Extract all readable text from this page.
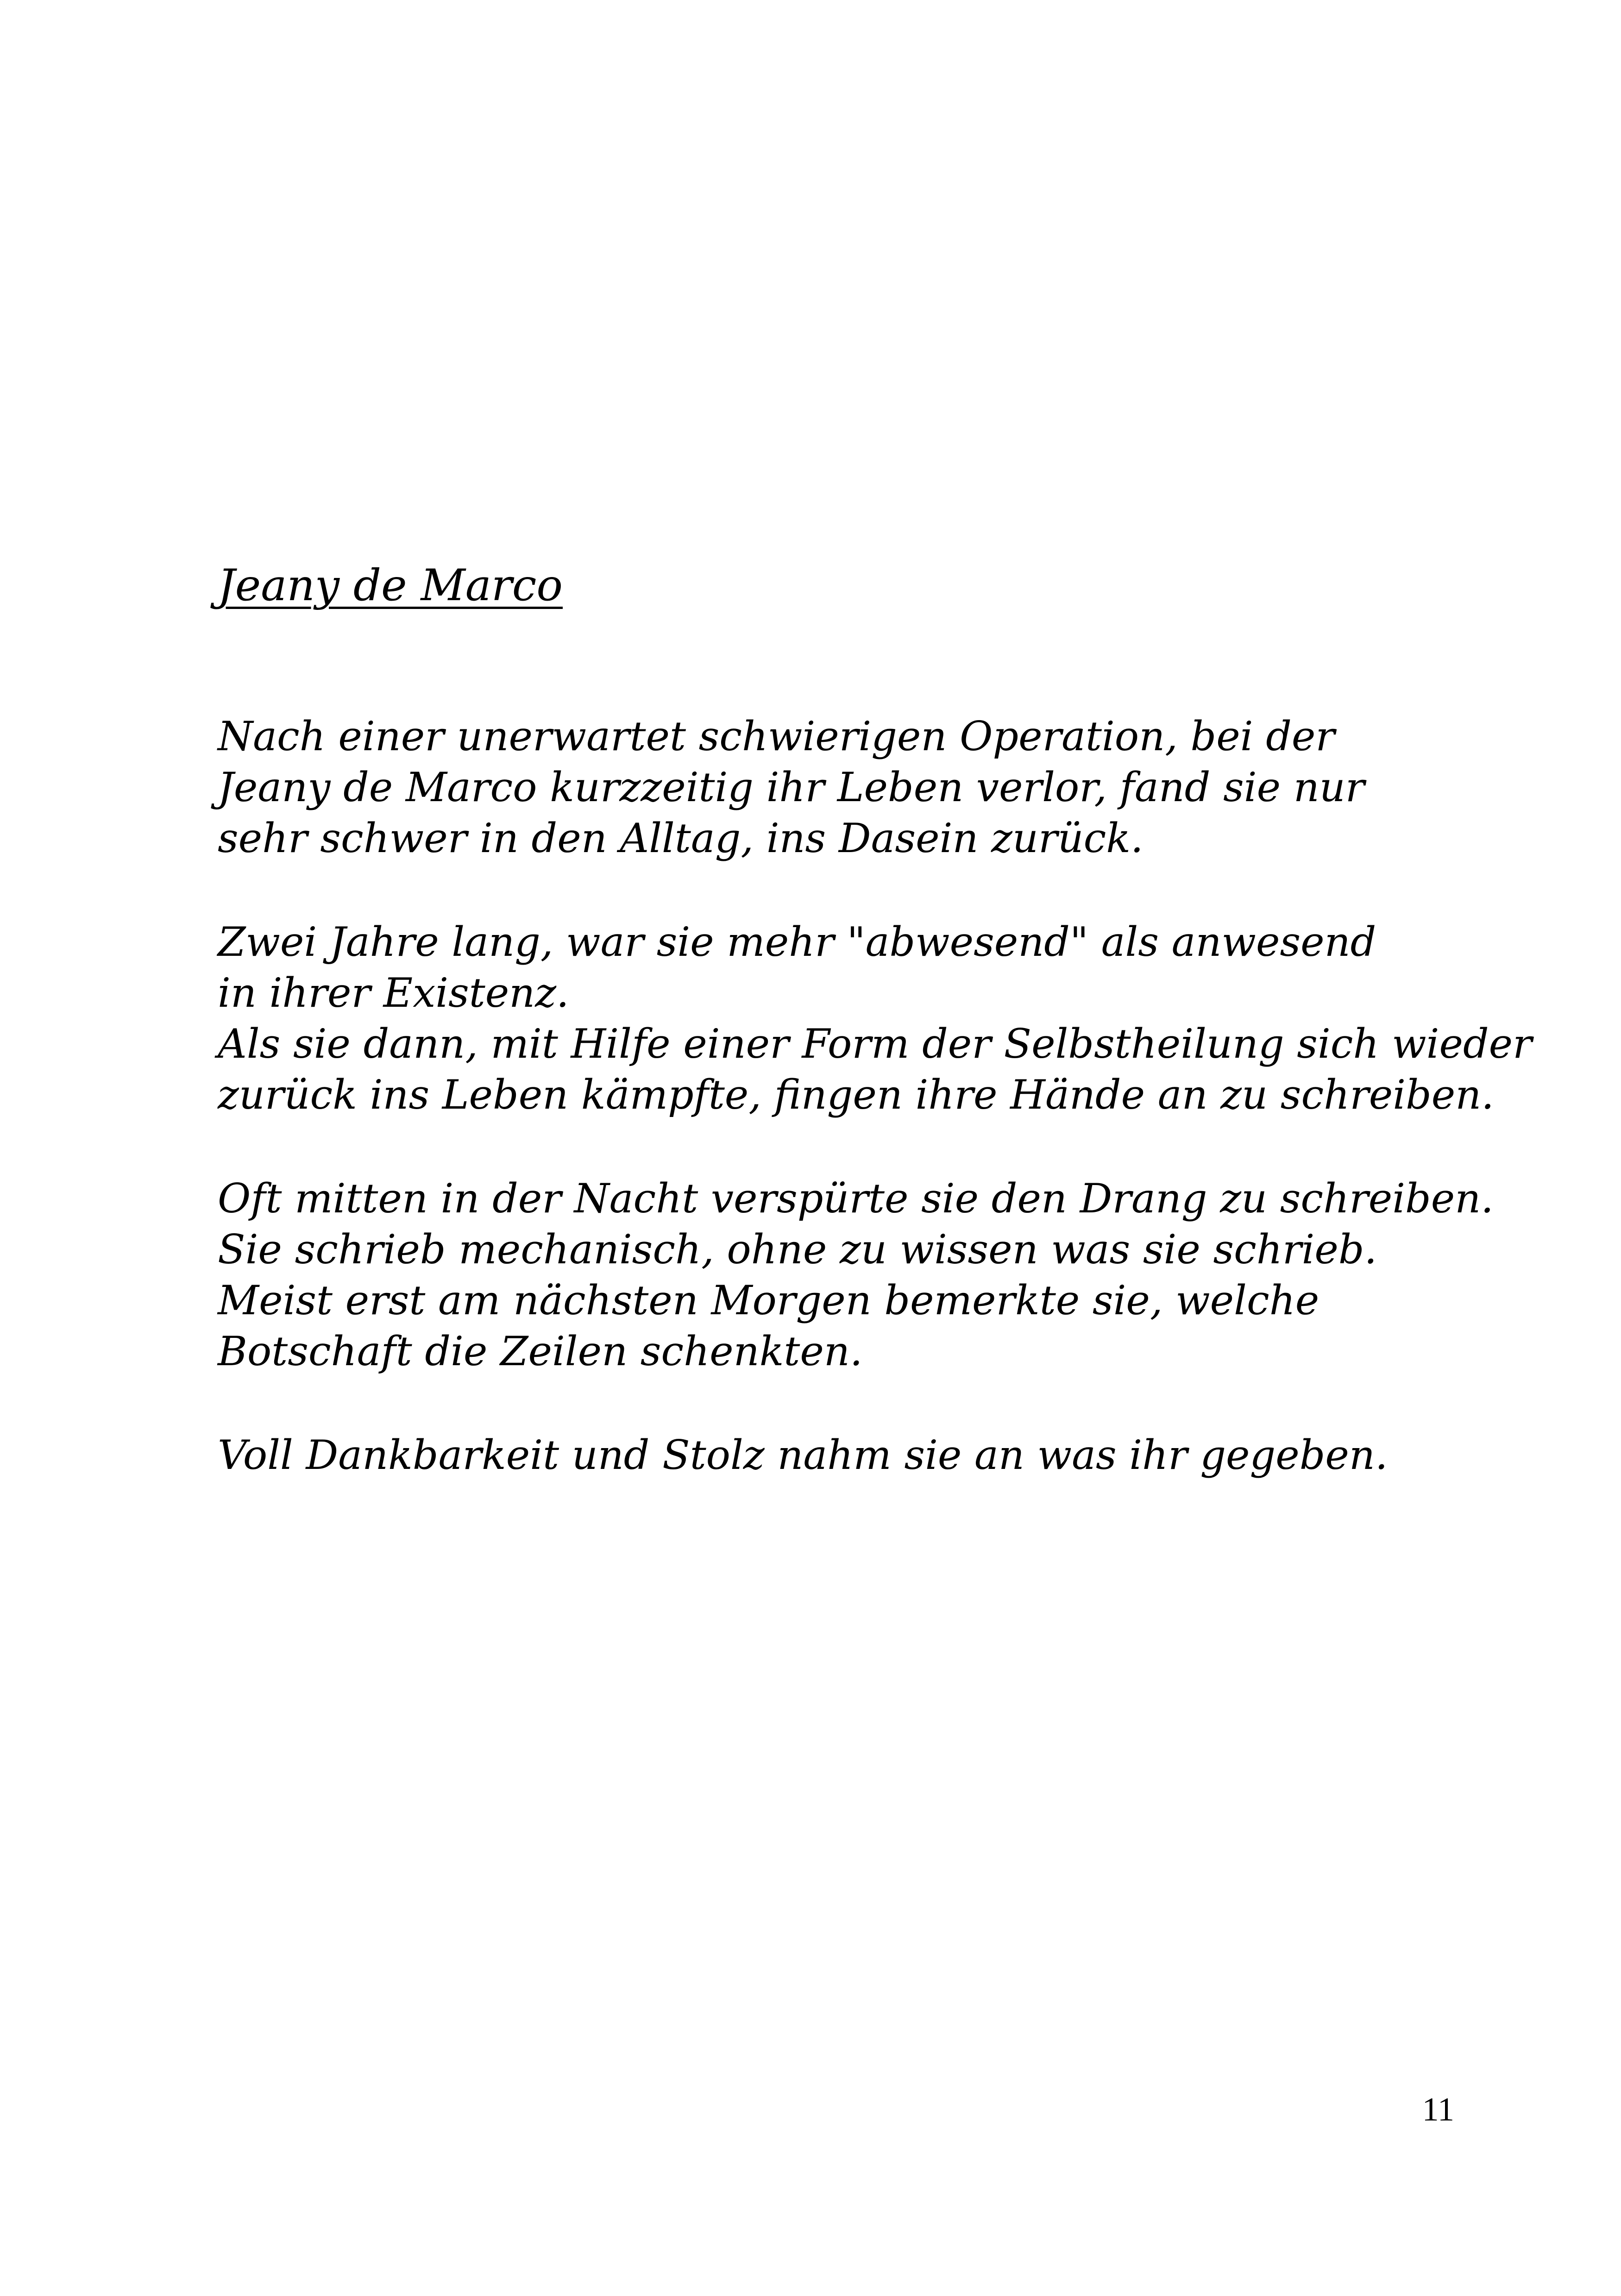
Jeany de Marco
Nach einer unerwartet schwierigen Operation, bei der
Jeany de Marco kurzzeitig ihr Leben verlor, fand sie nur
sehr schwer in den Alltag, ins Dasein zurück.
Zwei Jahre lang, war sie mehr "abwesend" als anwesend
in ihrer Existenz.
Als sie dann, mit Hilfe einer Form der Selbstheilung sich wieder
zurück ins Leben kämpfte, fingen ihre Hände an zu schreiben.
Oft mitten in der Nacht verspürte sie den Drang zu schreiben.
Sie schrieb mechanisch, ohne zu wissen was sie schrieb.
Meist erst am nächsten Morgen bemerkte sie, welche
Botschaft die Zeilen schenkten.
Voll Dankbarkeit und Stolz nahm sie an was ihr gegeben.
11
